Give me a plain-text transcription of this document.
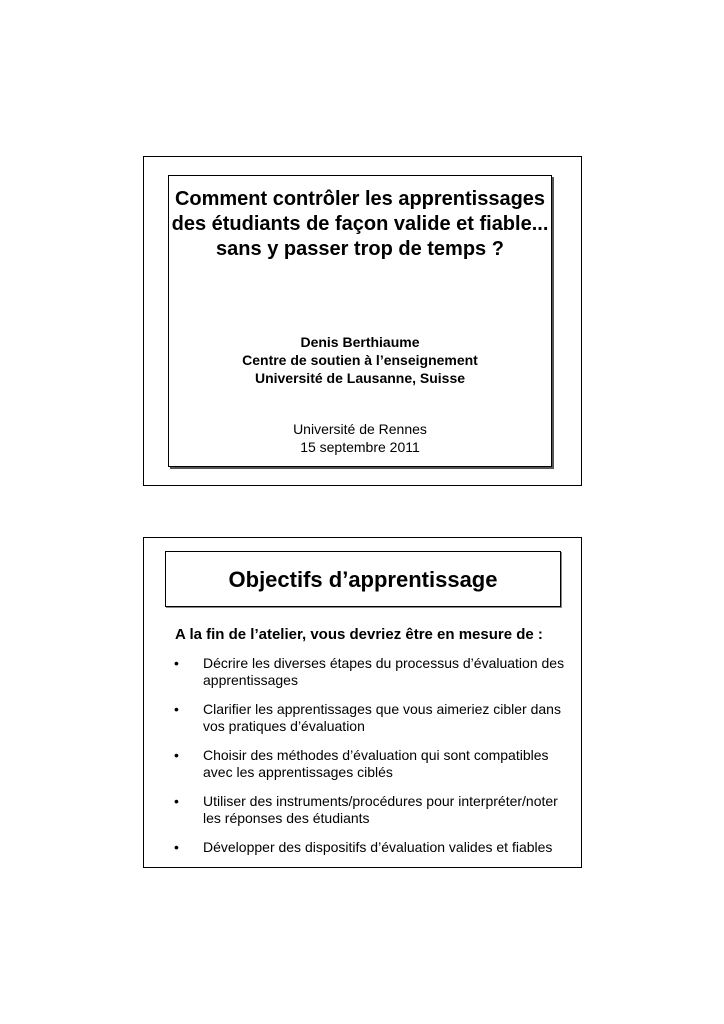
Comment contrôler les apprentissages
des étudiants de façon valide et fiable...
sans y passer trop de temps ?
Denis Berthiaume
Centre de soutien à l’enseignement
Université de Lausanne, Suisse
Université de Rennes
15 septembre 2011
Objectifs d’apprentissage
A la fin de l’atelier, vous devriez être en mesure de :
• Décrire les diverses étapes du processus d’évaluation des apprentissages
• Clarifier les apprentissages que vous aimeriez cibler dans vos pratiques d’évaluation
• Choisir des méthodes d’évaluation qui sont compatibles avec les apprentissages ciblés
• Utiliser des instruments/procédures pour interpréter/noter les réponses des étudiants
• Développer des dispositifs d’évaluation valides et fiables
